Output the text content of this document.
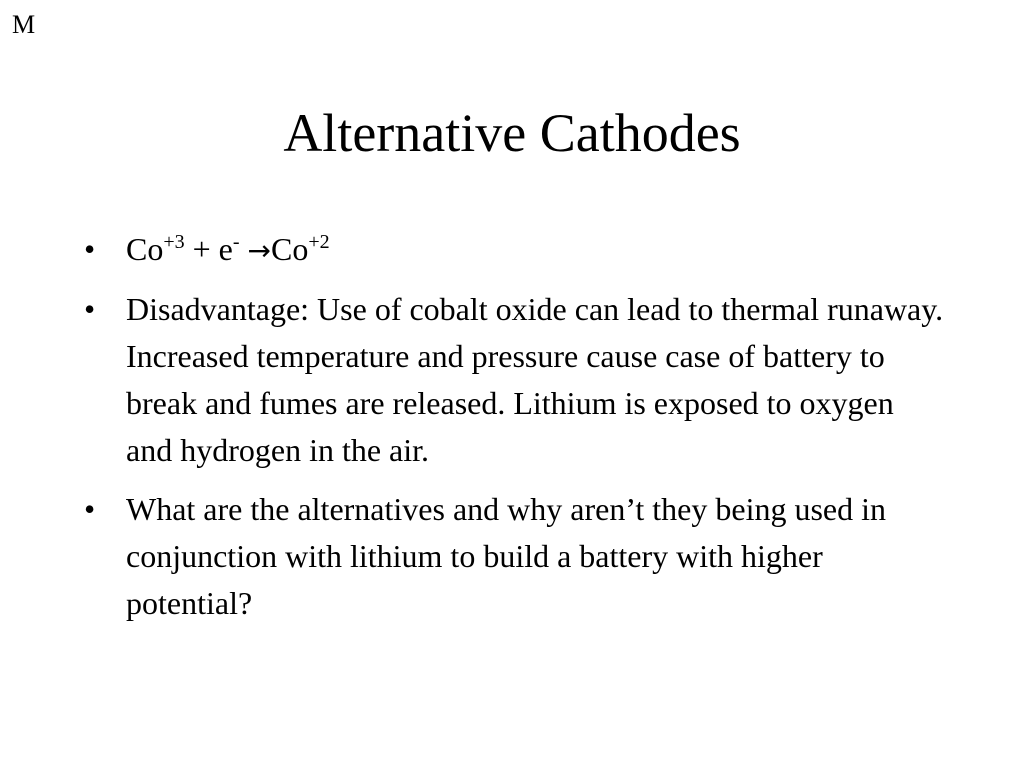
M
Alternative Cathodes
• $Co^{+3} + e^- \to Co^{+2}$
• Disadvantage: Use of cobalt oxide can lead to thermal runaway. Increased temperature and pressure cause case of battery to break and fumes are released. Lithium is exposed to oxygen and hydrogen in the air.
• What are the alternatives and why aren’t they being used in conjunction with lithium to build a battery with higher potential?
